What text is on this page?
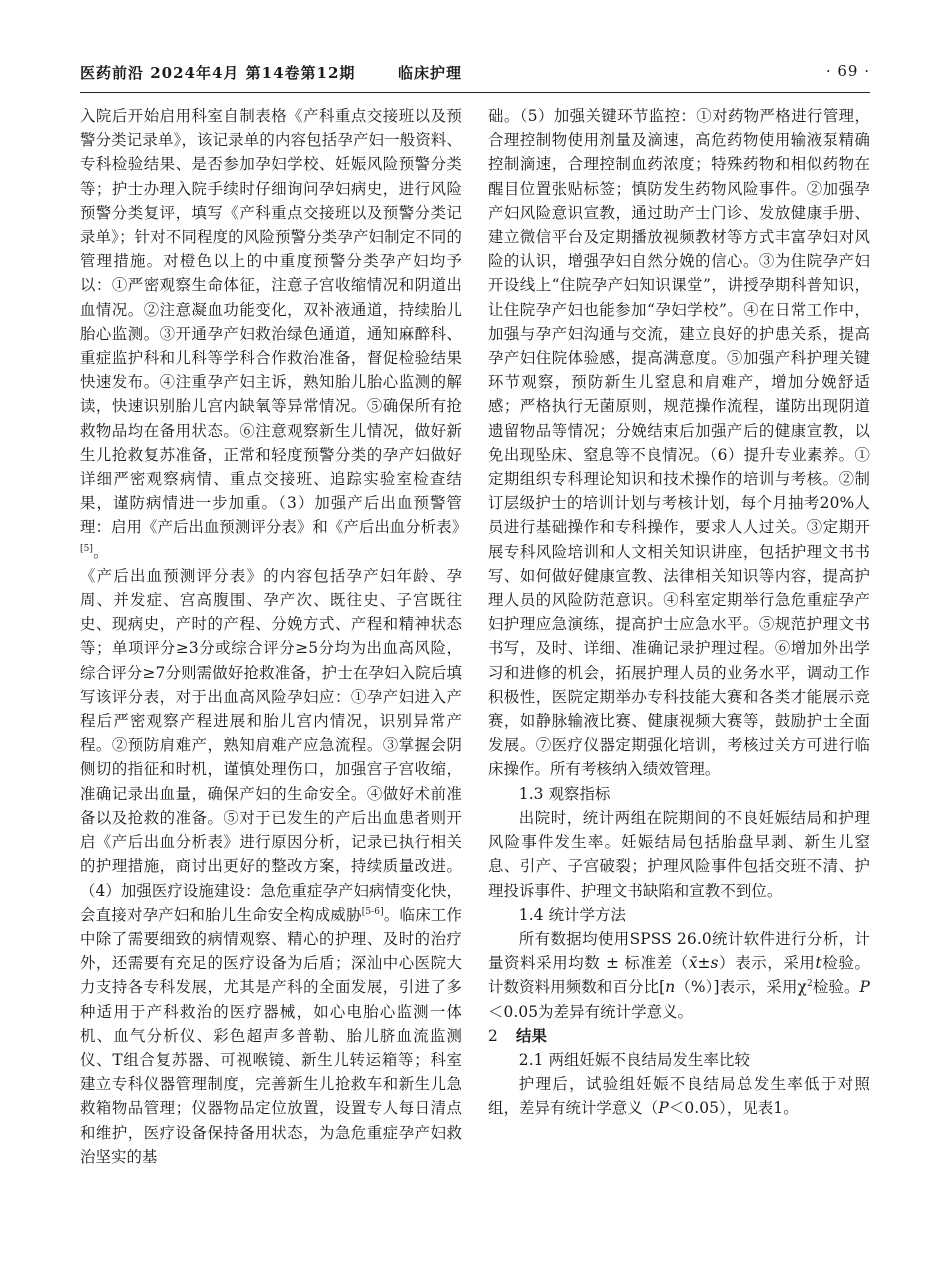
医药前沿 2024年4月 第14卷第12期	临床护理	· 69 ·

入院后开始启用科室自制表格《产科重点交接班以及预警分类记录单》，该记录单的内容包括孕产妇一般资料、专科检验结果、是否参加孕妇学校、妊娠风险预警分类等；护士办理入院手续时仔细询问孕妇病史，进行风险预警分类复评，填写《产科重点交接班以及预警分类记录单》；针对不同程度的风险预警分类孕产妇制定不同的管理措施。对橙色以上的中重度预警分类孕产妇均予以：①严密观察生命体征，注意子宫收缩情况和阴道出血情况。②注意凝血功能变化，双补液通道，持续胎儿胎心监测。③开通孕产妇救治绿色通道，通知麻醉科、重症监护科和儿科等学科合作救治准备，督促检验结果快速发布。④注重孕产妇主诉，熟知胎儿胎心监测的解读，快速识别胎儿宫内缺氧等异常情况。⑤确保所有抢救物品均在备用状态。⑥注意观察新生儿情况，做好新生儿抢救复苏准备，正常和轻度预警分类的孕产妇做好详细严密观察病情、重点交接班、追踪实验室检查结果，谨防病情进一步加重。（3）加强产后出血预警管理：启用《产后出血预测评分表》和《产后出血分析表》[5]。

《产后出血预测评分表》的内容包括孕产妇年龄、孕周、并发症、宫高腹围、孕产次、既往史、子宫既往史、现病史，产时的产程、分娩方式、产程和精神状态等；单项评分≥3分或综合评分≥5分均为出血高风险，综合评分≥7分则需做好抢救准备，护士在孕妇入院后填写该评分表，对于出血高风险孕妇应：①孕产妇进入产程后严密观察产程进展和胎儿宫内情况，识别异常产程。②预防肩难产，熟知肩难产应急流程。③掌握会阴侧切的指征和时机，谨慎处理伤口，加强宫子宫收缩，准确记录出血量，确保产妇的生命安全。④做好术前准备以及抢救的准备。⑤对于已发生的产后出血患者则开启《产后出血分析表》进行原因分析，记录已执行相关的护理措施，商讨出更好的整改方案，持续质量改进。（4）加强医疗设施建设：急危重症孕产妇病情变化快，会直接对孕产妇和胎儿生命安全构成威胁[5-6]。临床工作中除了需要细致的病情观察、精心的护理、及时的治疗外，还需要有充足的医疗设备为后盾；深汕中心医院大力支持各专科发展，尤其是产科的全面发展，引进了多种适用于产科救治的医疗器械，如心电胎心监测一体机、血气分析仪、彩色超声多普勒、胎儿脐血流监测仪、T组合复苏器、可视喉镜、新生儿转运箱等；科室建立专科仪器管理制度，完善新生儿抢救车和新生儿急救箱物品管理；仪器物品定位放置，设置专人每日清点和维护，医疗设备保持备用状态，为急危重症孕产妇救治坚实的基

础。（5）加强关键环节监控：①对药物严格进行管理，合理控制物使用剂量及滴速，高危药物使用输液泵精确控制滴速，合理控制血药浓度；特殊药物和相似药物在醒目位置张贴标签；慎防发生药物风险事件。②加强孕产妇风险意识宣教，通过助产士门诊、发放健康手册、建立微信平台及定期播放视频教材等方式丰富孕妇对风险的认识，增强孕妇自然分娩的信心。③为住院孕产妇开设线上“住院孕产妇知识课堂”，讲授孕期科普知识，让住院孕产妇也能参加“孕妇学校”。④在日常工作中，加强与孕产妇沟通与交流，建立良好的护患关系，提高孕产妇住院体验感，提高满意度。⑤加强产科护理关键环节观察，预防新生儿窒息和肩难产，增加分娩舒适感；严格执行无菌原则，规范操作流程，谨防出现阴道遗留物品等情况；分娩结束后加强产后的健康宣教，以免出现坠床、窒息等不良情况。（6）提升专业素养。①定期组织专科理论知识和技术操作的培训与考核。②制订层级护士的培训计划与考核计划，每个月抽考20%人员进行基础操作和专科操作，要求人人过关。③定期开展专科风险培训和人文相关知识讲座，包括护理文书书写、如何做好健康宣教、法律相关知识等内容，提高护理人员的风险防范意识。④科室定期举行急危重症孕产妇护理应急演练，提高护士应急水平。⑤规范护理文书书写，及时、详细、准确记录护理过程。⑥增加外出学习和进修的机会，拓展护理人员的业务水平，调动工作积极性，医院定期举办专科技能大赛和各类才能展示竞赛，如静脉输液比赛、健康视频大赛等，鼓励护士全面发展。⑦医疗仪器定期强化培训，考核过关方可进行临床操作。所有考核纳入绩效管理。

1.3 观察指标

出院时，统计两组在院期间的不良妊娠结局和护理风险事件发生率。妊娠结局包括胎盘早剥、新生儿窒息、引产、子宫破裂；护理风险事件包括交班不清、护理投诉事件、护理文书缺陷和宣教不到位。

1.4 统计学方法

所有数据均使用SPSS 26.0统计软件进行分析，计量资料采用均数 ± 标准差（x̄±s）表示，采用t检验。计数资料用频数和百分比[n（%）]表示，采用$\chi^2$检验。P＜0.05为差异有统计学意义。

2 结果

2.1 两组妊娠不良结局发生率比较

护理后，试验组妊娠不良结局总发生率低于对照组，差异有统计学意义（P＜0.05），见表1。
